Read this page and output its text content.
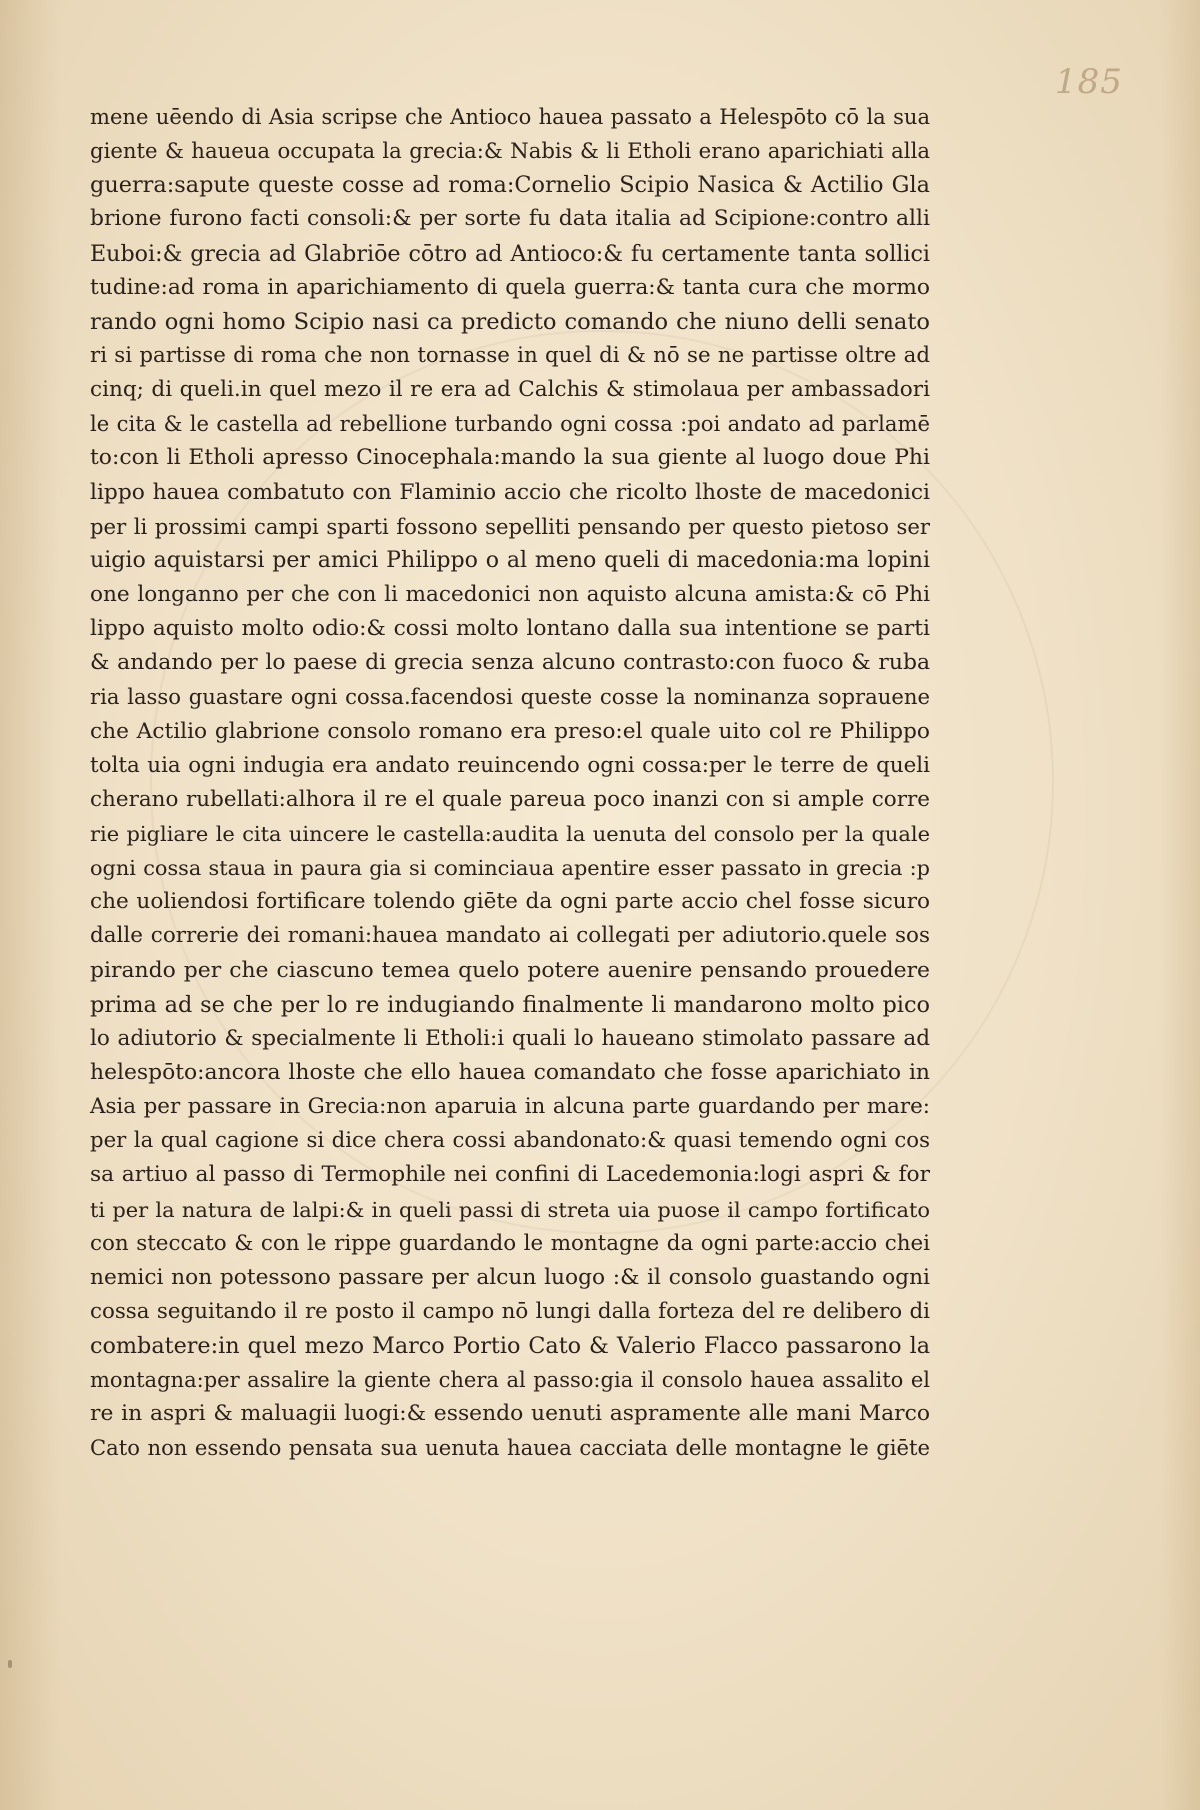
185
mene uēendo di Asia scripse che Antioco hauea passato a Helespōto cō la sua
giente & haueua occupata la grecia:& Nabis & li Etholi erano aparichiati alla
guerra:sapute queste cosse ad roma:Cornelio Scipio Nasica & Actilio Gla
brione furono facti consoli:& per sorte fu data italia ad Scipione:contro alli
Euboi:& grecia ad Glabriōe cōtro ad Antioco:& fu certamente tanta sollici
tudine:ad roma in aparichiamento di quela guerra:& tanta cura che mormo
rando ogni homo Scipio nasi ca predicto comando che niuno delli senato
ri si partisse di roma che non tornasse in quel di & nō se ne partisse oltre ad
cinq; di queli.in quel mezo il re era ad Calchis & stimolaua per ambassadori
le cita & le castella ad rebellione turbando ogni cossa :poi andato ad parlamē
to:con li Etholi apresso Cinocephala:mando la sua giente al luogo doue Phi
lippo hauea combatuto con Flaminio accio che ricolto lhoste de macedonici
per li prossimi campi sparti fossono sepelliti pensando per questo pietoso ser
uigio aquistarsi per amici Philippo o al meno queli di macedonia:ma lopini
one longanno per che con li macedonici non aquisto alcuna amista:& cō Phi
lippo aquisto molto odio:& cossi molto lontano dalla sua intentione se parti
& andando per lo paese di grecia senza alcuno contrasto:con fuoco & ruba
ria lasso guastare ogni cossa.facendosi queste cosse la nominanza soprauene
che Actilio glabrione consolo romano era preso:el quale uito col re Philippo
tolta uia ogni indugia era andato reuincendo ogni cossa:per le terre de queli
cherano rubellati:alhora il re el quale pareua poco inanzi con si ample corre
rie pigliare le cita uincere le castella:audita la uenuta del consolo per la quale
ogni cossa staua in paura gia si cominciaua apentire esser passato in grecia :p
che uoliendosi fortificare tolendo giēte da ogni parte accio chel fosse sicuro
dalle correrie dei romani:hauea mandato ai collegati per adiutorio.quele sos
pirando per che ciascuno temea quelo potere auenire pensando prouedere
prima ad se che per lo re indugiando finalmente li mandarono molto pico
lo adiutorio & specialmente li Etholi:i quali lo haueano stimolato passare ad
helespōto:ancora lhoste che ello hauea comandato che fosse aparichiato in
Asia per passare in Grecia:non aparuia in alcuna parte guardando per mare:
per la qual cagione si dice chera cossi abandonato:& quasi temendo ogni cos
sa artiuo al passo di Termophile nei confini di Lacedemonia:logi aspri & for
ti per la natura de lalpi:& in queli passi di streta uia puose il campo fortificato
con steccato & con le rippe guardando le montagne da ogni parte:accio chei
nemici non potessono passare per alcun luogo :& il consolo guastando ogni
cossa seguitando il re posto il campo nō lungi dalla forteza del re delibero di
combatere:in quel mezo Marco Portio Cato & Valerio Flacco passarono la
montagna:per assalire la giente chera al passo:gia il consolo hauea assalito el
re in aspri & maluagii luogi:& essendo uenuti aspramente alle mani Marco
Cato non essendo pensata sua uenuta hauea cacciata delle montagne le giēte
